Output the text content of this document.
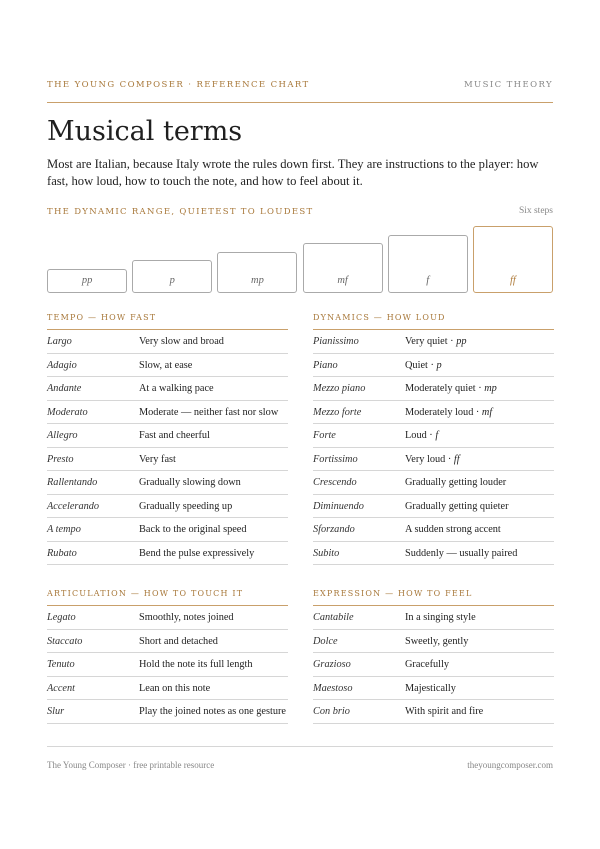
THE YOUNG COMPOSER · REFERENCE CHART	MUSIC THEORY
Musical terms

Most are Italian, because Italy wrote the rules down first. They are instructions to the player: how fast, how loud, how to touch the note, and how to feel about it.

THE DYNAMIC RANGE, QUIETEST TO LOUDEST	Six steps
pp	p	mp	mf	f	ff
TEMPO — HOW FAST
Largo	Very slow and broad
Adagio	Slow, at ease
Andante	At a walking pace
Moderato	Moderate — neither fast nor slow
Allegro	Fast and cheerful
Presto	Very fast
Rallentando	Gradually slowing down
Accelerando	Gradually speeding up
A tempo	Back to the original speed
Rubato	Bend the pulse expressively
DYNAMICS — HOW LOUD
Pianissimo	Very quiet · pp
Piano	Quiet · p
Mezzo piano	Moderately quiet · mp
Mezzo forte	Moderately loud · mf
Forte	Loud · f
Fortissimo	Very loud · ff
Crescendo	Gradually getting louder
Diminuendo	Gradually getting quieter
Sforzando	A sudden strong accent
Subito	Suddenly — usually paired
ARTICULATION — HOW TO TOUCH IT
Legato	Smoothly, notes joined
Staccato	Short and detached
Tenuto	Hold the note its full length
Accent	Lean on this note
Slur	Play the joined notes as one gesture
EXPRESSION — HOW TO FEEL
Cantabile	In a singing style
Dolce	Sweetly, gently
Grazioso	Gracefully
Maestoso	Majestically
Con brio	With spirit and fire
The Young Composer · free printable resource	theyoungcomposer.com
